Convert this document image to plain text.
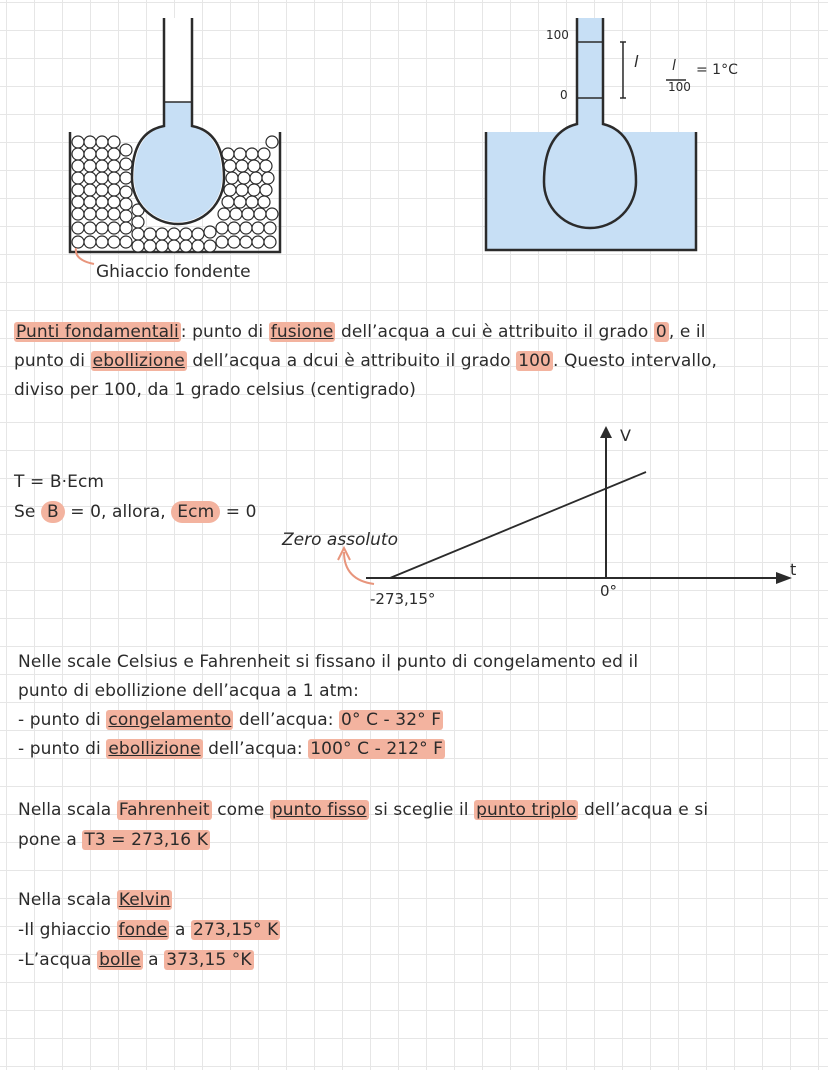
Ghiaccio fondente
100
0
l l
100
= 1°C
Punti fondamentali : punto di fusione dell’acqua a cui è attribuito il grado 0 , e il
punto di ebollizione dell’acqua a dcui è attribuito il grado 100 . Questo intervallo,
diviso per 100, da 1 grado celsius (centigrado)
T = B·Ecm
Se B = 0, allora, Ecm = 0
V
t
Zero assoluto
-273,15°	0°
Nelle scale Celsius e Fahrenheit si fissano il punto di congelamento ed il
punto di ebollizione dell’acqua a 1 atm:
- punto di congelamento dell’acqua: 0° C - 32° F
- punto di ebollizione dell’acqua: 100° C - 212° F
Nella scala Fahrenheit come punto fisso si sceglie il punto triplo dell’acqua e si
pone a T3 = 273,16 K
Nella scala Kelvin
-Il ghiaccio fonde a 273,15° K
-L’acqua bolle a 373,15 °K
